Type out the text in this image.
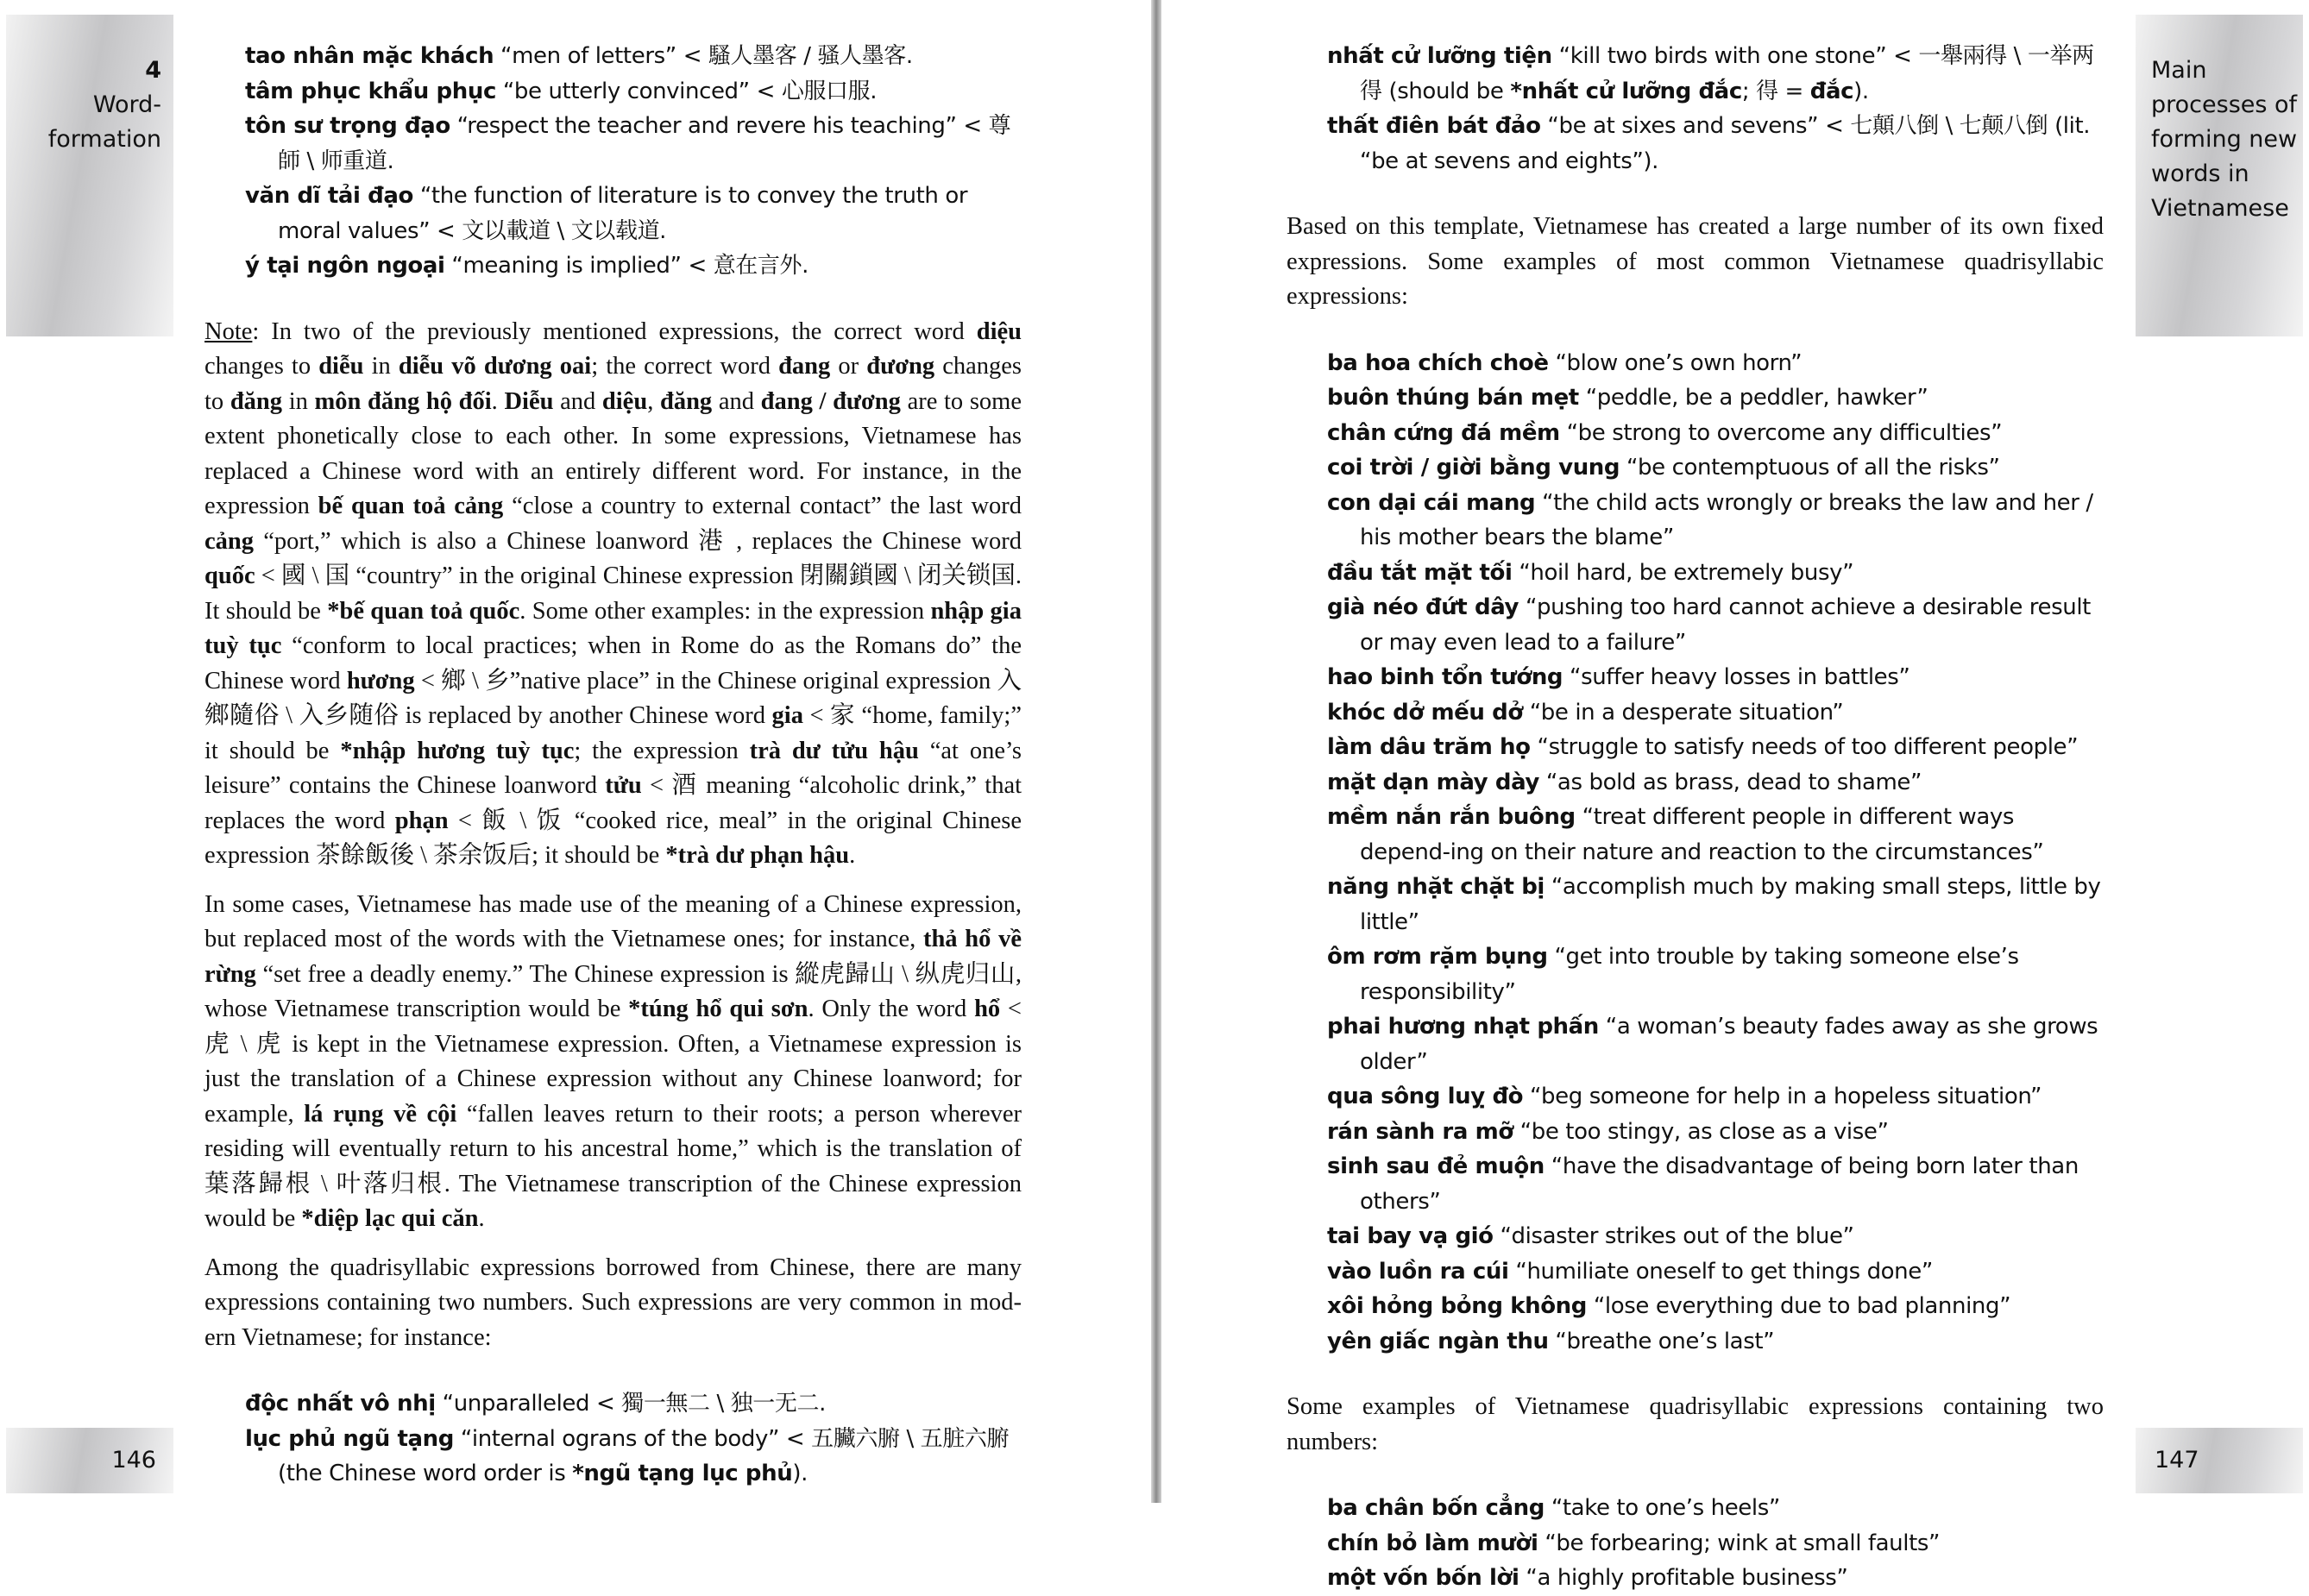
4
Word-
formation
146
tao nhân mặc khách “men of letters” < 騷人墨客 / 骚人墨客.
tâm phục khẩu phục “be utterly convinced” < 心服口服.
tôn sư trọng đạo “respect the teacher and revere his teaching” < 尊師 \ 师重道.
văn dĩ tải đạo “the function of literature is to convey the truth or moral values” < 文以載道 \ 文以载道.
ý tại ngôn ngoại “meaning is implied” < 意在言外.
Note: In two of the previously mentioned expressions, the correct word diệu changes to diễu in diễu võ dương oai; the correct word đang or đương changes to đăng in môn đăng hộ đối. Diễu and diệu, đăng and đang / đương are to some extent phonetically close to each other. In some expressions, Vietnamese has replaced a Chinese word with an entirely different word. For instance, in the expression bế quan toả cảng “close a country to external contact” the last word cảng “port,” which is also a Chinese loanword 港 , replaces the Chinese word quốc < 國 \ 国 “country” in the original Chinese expression 閉關鎖國 \ 闭关锁国. It should be *bế quan toả quốc. Some other examples: in the expression nhập gia tuỳ tục “conform to local practices; when in Rome do as the Romans do” the Chinese word hương < 鄉 \ 乡”native place” in the Chinese original expression 入鄉隨俗 \ 入乡随俗 is replaced by another Chinese word gia < 家 “home, family;” it should be *nhập hương tuỳ tục; the expression trà dư tửu hậu “at one’s leisure” contains the Chinese loanword tửu < 酒 meaning “alcoholic drink,” that replaces the word phạn < 飯 \ 饭 “cooked rice, meal” in the original Chinese expression 茶餘飯後 \ 茶余饭后; it should be *trà dư phạn hậu.
In some cases, Vietnamese has made use of the meaning of a Chinese expression, but replaced most of the words with the Vietnamese ones; for instance, thả hổ về rừng “set free a deadly enemy.” The Chinese expression is 縱虎歸山 \ 纵虎归山, whose Vietnamese transcription would be *túng hổ qui sơn. Only the word hổ < 虎 \ 虎 is kept in the Vietnamese expression. Often, a Vietnamese expression is just the translation of a Chinese expression without any Chinese loanword; for example, lá rụng về cội “fallen leaves return to their roots; a person wherever residing will eventually return to his ancestral home,” which is the translation of 葉落歸根 \ 叶落归根. The Vietnamese transcription of the Chinese expression would be *diệp lạc qui căn.
Among the quadrisyllabic expressions borrowed from Chinese, there are many expressions containing two numbers. Such expressions are very common in mod-ern Vietnamese; for instance:
độc nhất vô nhị “unparalleled < 獨一無二 \ 独一无二.
lục phủ ngũ tạng “internal ograns of the body” < 五臟六腑 \ 五脏六腑 (the Chinese word order is *ngũ tạng lục phủ).
Main
processes of
forming new
words in
Vietnamese
147
nhất cử lưỡng tiện “kill two birds with one stone” < 一舉兩得 \ 一举两得 (should be *nhất cử lưỡng đắc; 得 = đắc).
thất điên bát đảo “be at sixes and sevens” < 七顛八倒 \ 七颠八倒 (lit. “be at sevens and eights”).
Based on this template, Vietnamese has created a large number of its own fixed expressions. Some examples of most common Vietnamese quadrisyllabic expressions:
ba hoa chích choè “blow one’s own horn”
buôn thúng bán mẹt “peddle, be a peddler, hawker”
chân cứng đá mềm “be strong to overcome any difficulties”
coi trời / giời bằng vung “be contemptuous of all the risks”
con dại cái mang “the child acts wrongly or breaks the law and her / his mother bears the blame”
đầu tắt mặt tối “hoil hard, be extremely busy”
già néo đứt dây “pushing too hard cannot achieve a desirable result or may even lead to a failure”
hao binh tổn tướng “suffer heavy losses in battles”
khóc dở mếu dở “be in a desperate situation”
làm dâu trăm họ “struggle to satisfy needs of too different people”
mặt dạn mày dày “as bold as brass, dead to shame”
mềm nắn rắn buông “treat different people in different ways depend-ing on their nature and reaction to the circumstances”
năng nhặt chặt bị “accomplish much by making small steps, little by little”
ôm rơm rặm bụng “get into trouble by taking someone else’s responsibility”
phai hương nhạt phấn “a woman’s beauty fades away as she grows older”
qua sông luỵ đò “beg someone for help in a hopeless situation”
rán sành ra mỡ “be too stingy, as close as a vise”
sinh sau đẻ muộn “have the disadvantage of being born later than others”
tai bay vạ gió “disaster strikes out of the blue”
vào luồn ra cúi “humiliate oneself to get things done”
xôi hỏng bỏng không “lose everything due to bad planning”
yên giấc ngàn thu “breathe one’s last”
Some examples of Vietnamese quadrisyllabic expressions containing two numbers:
ba chân bốn cẳng “take to one’s heels”
chín bỏ làm mười “be forbearing; wink at small faults”
một vốn bốn lời “a highly profitable business”
